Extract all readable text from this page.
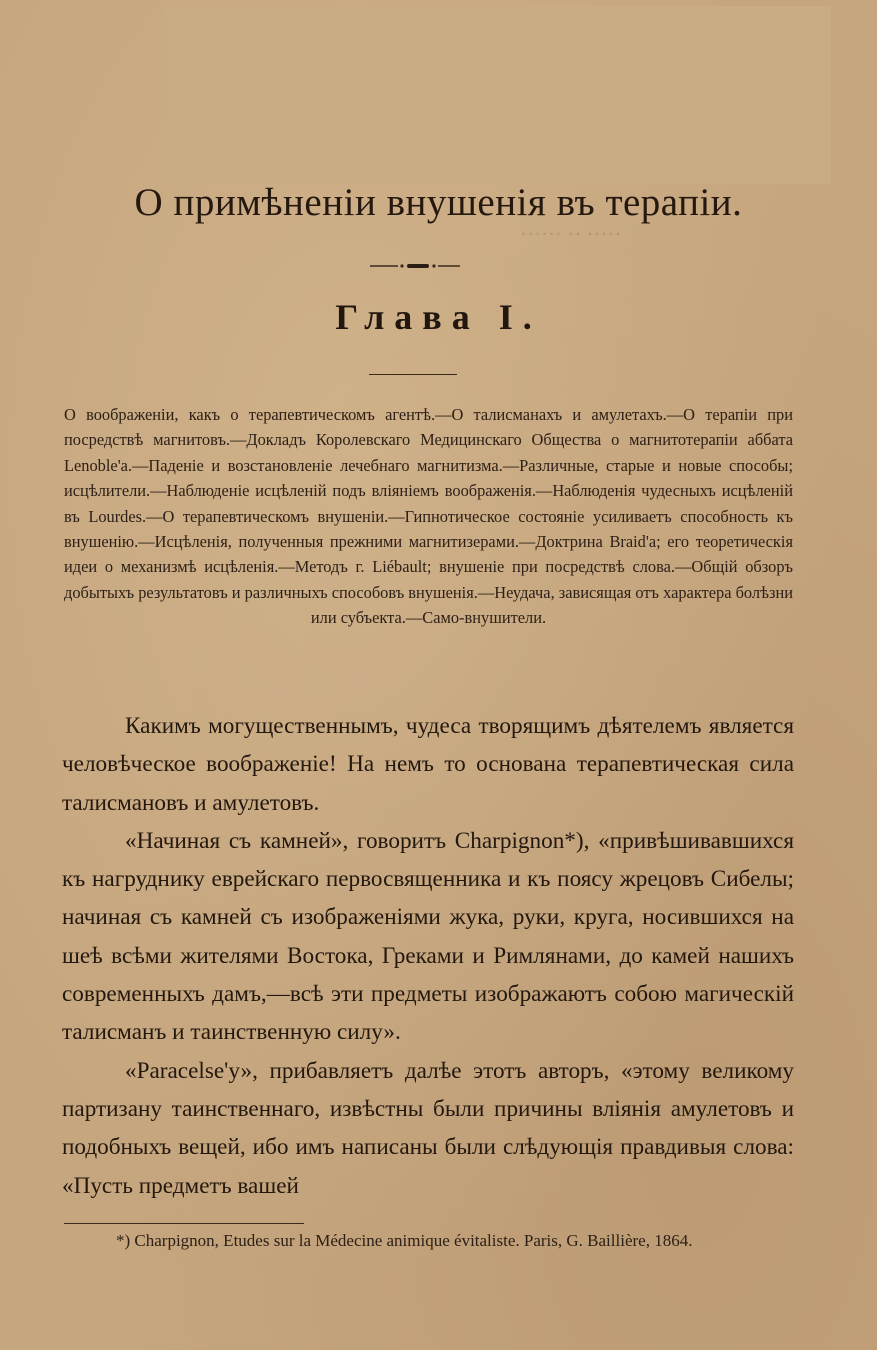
О примѣненіи внушенія въ терапіи.
Глава I.

О воображеніи, какъ о терапевтическомъ агентѣ.—О талисманахъ и амулетахъ.—О терапіи при посредствѣ магнитовъ.—Докладъ Королевскаго Медицинскаго Общества о магнитотерапіи аббата Lenoble'а.—Паденіе и возстановленіе лечебнаго магнитизма.—Различные, старые и новые способы; исцѣлители.—Наблюденіе исцѣленій подъ вліяніемъ воображенія.—Наблюденія чудесныхъ исцѣленій въ Lourdes.—О терапевтическомъ внушеніи.—Гипнотическое состояніе усиливаетъ способность къ внушенію.—Исцѣленія, полученныя прежними магнитизерами.—Доктрина Braid'а; его теоретическія идеи о механизмѣ исцѣленія.—Методъ г. Liébault; внушеніе при посредствѣ слова.—Общій обзоръ добытыхъ результатовъ и различныхъ способовъ внушенія.—Неудача, зависящая отъ характера болѣзни или субъекта.—Само-внушители.

Какимъ могущественнымъ, чудеса творящимъ дѣятелемъ является человѣческое воображеніе! На немъ то основана терапевтическая сила талисмановъ и амулетовъ.

«Начиная съ камней», говоритъ Charpignon*), «привѣшивавшихся къ нагруднику еврейскаго первосвященника и къ поясу жрецовъ Сибелы; начиная съ камней съ изображеніями жука, руки, круга, носившихся на шеѣ всѣми жителями Востока, Греками и Римлянами, до камей нашихъ современныхъ дамъ,—всѣ эти предметы изображаютъ собою магическій талисманъ и таинственную силу».

«Paracelse'у», прибавляетъ далѣе этотъ авторъ, «этому великому партизану таинственнаго, извѣстны были причины вліянія амулетовъ и подобныхъ вещей, ибо имъ написаны были слѣдующія правдивыя слова: «Пусть предметъ вашей

*) Charpignon, Etudes sur la Médecine animique évitaliste. Paris, G. Baillière, 1864.
